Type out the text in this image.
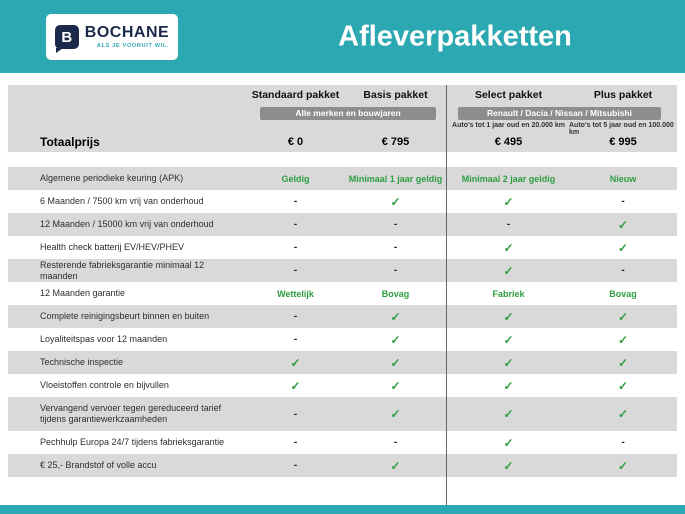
B BOCHANE
ALS JE VOORUIT WIL.	Afleverpakketten
Standaard pakket	Basis pakket	Select pakket	Plus pakket
Alle merken en bouwjaren	Renault / Dacia / Nissan / Mitsubishi
Auto's tot 1 jaar oud en 20.000 km Auto's tot 5 jaar oud en 100.000 km
Totaalprijs	€ 0	€ 795	€ 495	€ 995
Algemene periodieke keuring (APK)	Geldig	Minimaal 1 jaar geldig	Minimaal 2 jaar geldig	Nieuw
6 Maanden / 7500 km vrij van onderhoud	-	✓	✓	-
12 Maanden / 15000 km vrij van onderhoud	-	-	-	✓
Health check batterij EV/HEV/PHEV	-	-	✓	✓
Resterende fabrieksgarantie minimaal 12 maanden	-	-	✓	-
12 Maanden garantie	Wettelijk	Bovag	Fabriek	Bovag
Complete reinigingsbeurt binnen en buiten	-	✓	✓	✓
Loyaliteitspas voor 12 maanden	-	✓	✓	✓
Technische inspectie	✓	✓	✓	✓
Vloeistoffen controle en bijvullen	✓	✓	✓	✓
Vervangend vervoer tegen gereduceerd tarief tijdens garantiewerkzaamheden	-	✓	✓	✓
Pechhulp Europa 24/7 tijdens fabrieksgarantie	-	-	✓	-
€ 25,- Brandstof of volle accu	-	✓	✓	✓
